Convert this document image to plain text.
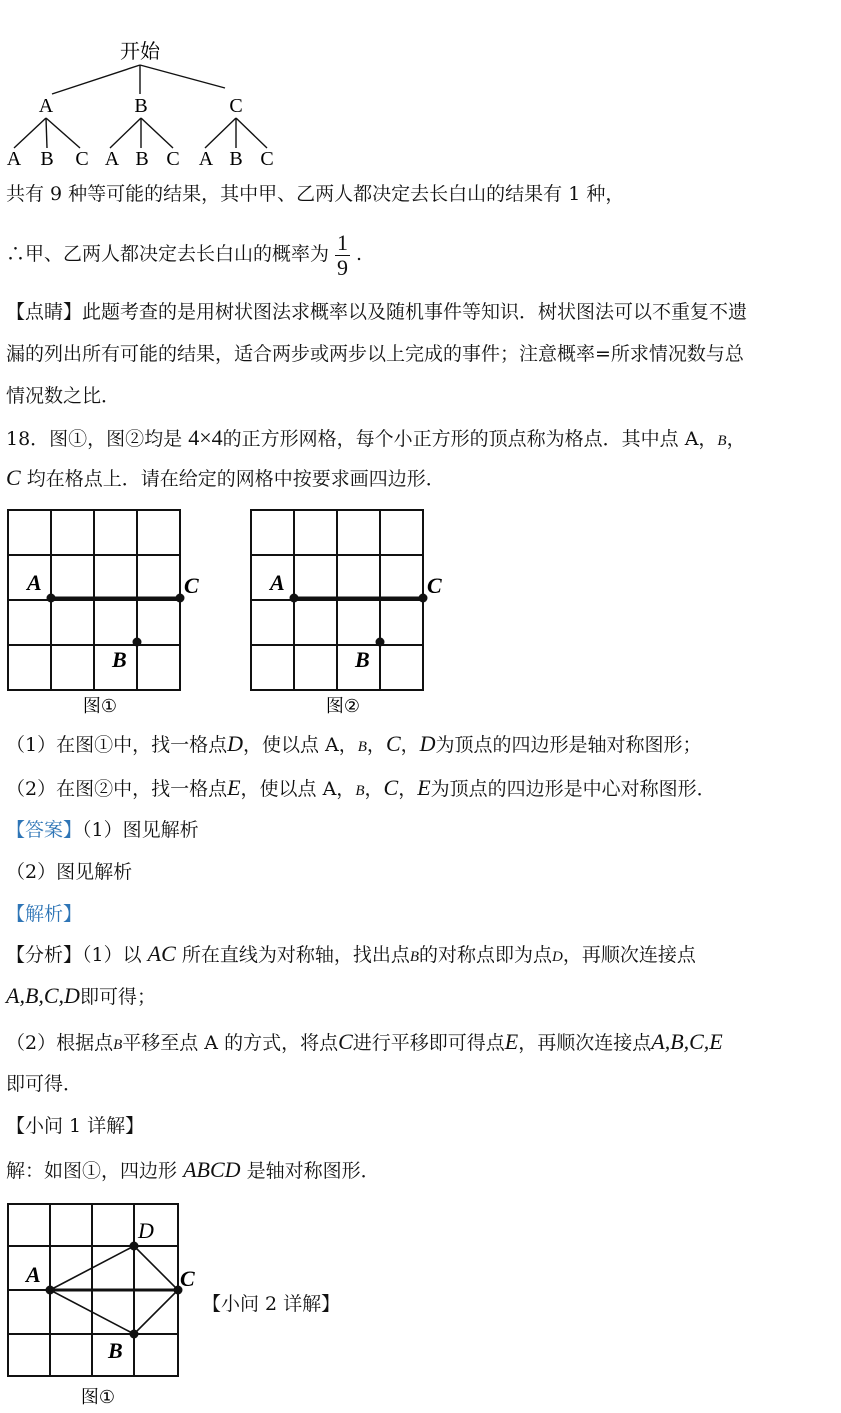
开始
A	B	C
A B C A B C A B C
共有 9 种等可能的结果，其中甲、乙两人都决定去长白山的结果有 1 种，
∴甲、乙两人都决定去长白山的概率为 $\frac{1}{9}$ .
【点睛】此题考查的是用树状图法求概率以及随机事件等知识．树状图法可以不重复不遗
漏的列出所有可能的结果，适合两步或两步以上完成的事件；注意概率=所求情况数与总
情况数之比．
18．图①，图②均是 4×4的正方形网格，每个小正方形的顶点称为格点．其中点 A，B，
C 均在格点上．请在给定的网格中按要求画四边形．
A	C
B
图①
A	C
B
图②
（1）在图①中，找一格点D，使以点 A，B，C，D为顶点的四边形是轴对称图形；
（2）在图②中，找一格点E，使以点 A，B，C，E为顶点的四边形是中心对称图形．
【答案】（1）图见解析
（2）图见解析
【解析】
【分析】（1）以 AC 所在直线为对称轴，找出点B的对称点即为点D，再顺次连接点
A,B,C,D即可得；
（2）根据点B平移至点 A 的方式，将点C进行平移即可得点E，再顺次连接点A,B,C,E
即可得．
【小问 1 详解】
解：如图①，四边形 ABCD 是轴对称图形．
A	C
B
D
图①
【小问 2 详解】
